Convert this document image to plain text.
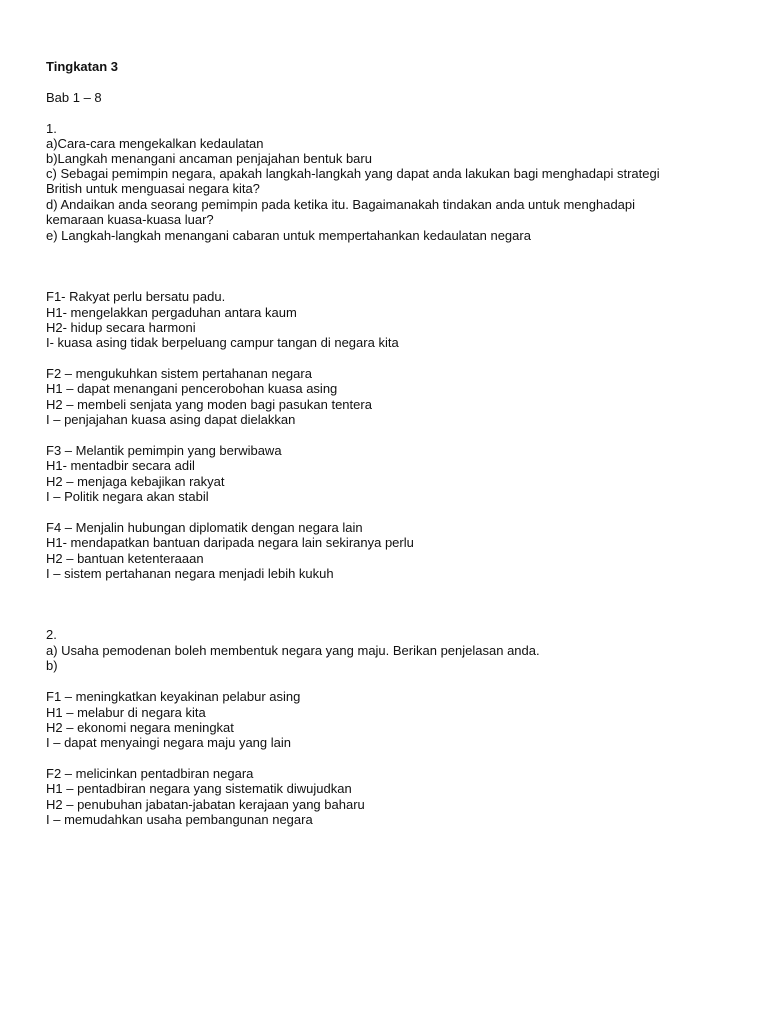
Tingkatan 3
Bab 1 – 8
1.
a)Cara-cara mengekalkan kedaulatan
b)Langkah menangani ancaman penjajahan bentuk baru
c) Sebagai pemimpin negara, apakah langkah-langkah yang dapat anda lakukan bagi menghadapi strategi
British untuk menguasai negara kita?
d) Andaikan anda seorang pemimpin pada ketika itu. Bagaimanakah tindakan anda untuk menghadapi
kemaraan kuasa-kuasa luar?
e) Langkah-langkah menangani cabaran untuk mempertahankan kedaulatan negara
F1- Rakyat perlu bersatu padu.
H1- mengelakkan pergaduhan antara kaum
H2- hidup secara harmoni
I- kuasa asing tidak berpeluang campur tangan di negara kita
F2 – mengukuhkan sistem pertahanan negara
H1 – dapat menangani pencerobohan kuasa asing
H2 – membeli senjata yang moden bagi pasukan tentera
I – penjajahan kuasa asing dapat dielakkan
F3 – Melantik pemimpin yang berwibawa
H1- mentadbir secara adil
H2 – menjaga kebajikan rakyat
I – Politik negara akan stabil
F4 – Menjalin hubungan diplomatik dengan negara lain
H1- mendapatkan bantuan daripada negara lain sekiranya perlu
H2 – bantuan ketenteraaan
I – sistem pertahanan negara menjadi lebih kukuh
2.
a) Usaha pemodenan boleh membentuk negara yang maju. Berikan penjelasan anda.
b)
F1 – meningkatkan keyakinan pelabur asing
H1 – melabur di negara kita
H2 – ekonomi negara meningkat
I – dapat menyaingi negara maju yang lain
F2 – melicinkan pentadbiran negara
H1 – pentadbiran negara yang sistematik diwujudkan
H2 – penubuhan jabatan-jabatan kerajaan yang baharu
I – memudahkan usaha pembangunan negara
